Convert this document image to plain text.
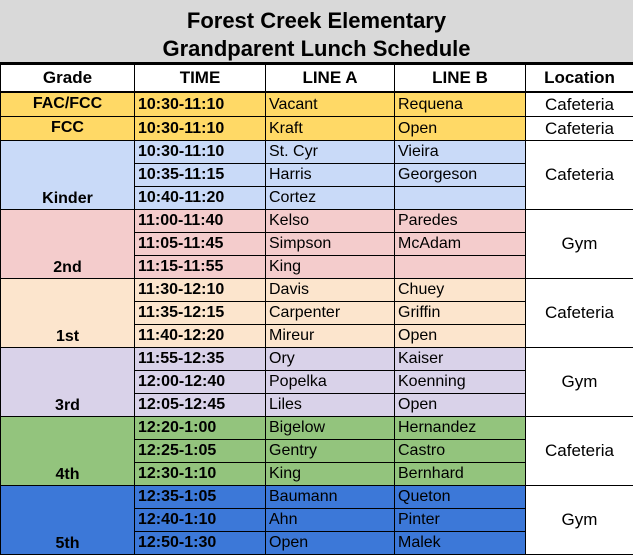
Forest Creek Elementary
Grandparent Lunch Schedule
Grade	TIME	LINE A	LINE B	Location
FAC/FCC	10:30-11:10	Vacant	Requena	Cafeteria
FCC	10:30-11:10	Kraft	Open	Cafeteria
Kinder	10:30-11:10	St. Cyr	Vieira	Cafeteria
	10:35-11:15	Harris	Georgeson	
	10:40-11:20	Cortez		
2nd	11:00-11:40	Kelso	Paredes	Gym
	11:05-11:45	Simpson	McAdam	
	11:15-11:55	King		
1st	11:30-12:10	Davis	Chuey	Cafeteria
	11:35-12:15	Carpenter	Griffin	
	11:40-12:20	Mireur	Open	
3rd	11:55-12:35	Ory	Kaiser	Gym
	12:00-12:40	Popelka	Koenning	
	12:05-12:45	Liles	Open	
4th	12:20-1:00	Bigelow	Hernandez	Cafeteria
	12:25-1:05	Gentry	Castro	
	12:30-1:10	King	Bernhard	
5th	12:35-1:05	Baumann	Queton	Gym
	12:40-1:10	Ahn	Pinter	
	12:50-1:30	Open	Malek	
